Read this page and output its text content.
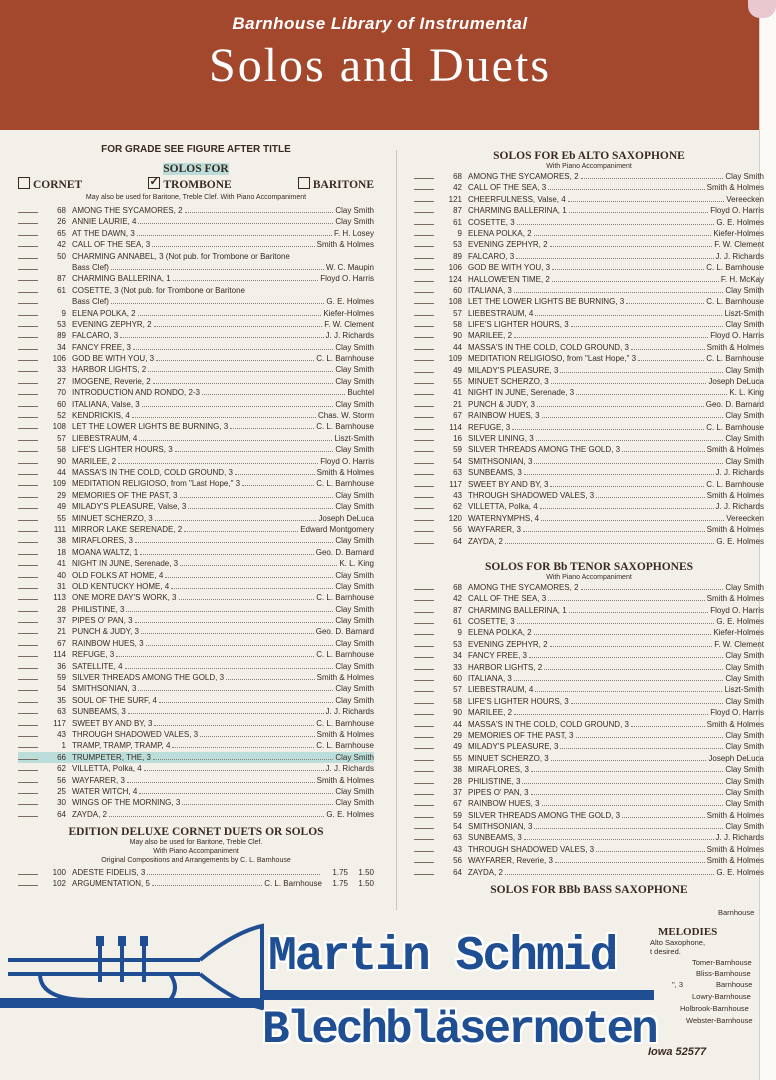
Barnhouse Library of Instrumental
Solos and Duets
FOR GRADE SEE FIGURE AFTER TITLE
SOLOS FOR
CORNET	✓ TROMBONE	BARITONE
May also be used for Baritone, Treble Clef. With Piano Accompaniment
68 AMONG THE SYCAMORES, 2	Clay Smith
26 ANNIE LAURIE, 4	Clay Smith
65 AT THE DAWN, 3	F. H. Losey
42 CALL OF THE SEA, 3	Smith & Holmes
50 CHARMING ANNABEL, 3 (Not pub. for Trombone or Baritone
Bass Clef)	W. C. Maupin
87 CHARMING BALLERINA, 1	Floyd O. Harris
61 COSETTE, 3 (Not pub. for Trombone or Baritone
Bass Clef)	G. E. Holmes
9 ELENA POLKA, 2	Kiefer-Holmes
53 EVENING ZEPHYR, 2	F. W. Clement
89 FALCARO, 3	J. J. Richards
34 FANCY FREE, 3	Clay Smith
106 GOD BE WITH YOU, 3	C. L. Barnhouse
33 HARBOR LIGHTS, 2	Clay Smith
27 IMOGENE, Reverie, 2	Clay Smith
70 INTRODUCTION AND RONDO, 2-3	Buchtel
60 ITALIANA, Valse, 3	Clay Smith
52 KENDRICKIS, 4	Chas. W. Storm
108 LET THE LOWER LIGHTS BE BURNING, 3	C. L. Barnhouse
57 LIEBESTRAUM, 4	Liszt-Smith
58 LIFE'S LIGHTER HOURS, 3	Clay Smith
90 MARILEE, 2	Floyd O. Harris
44 MASSA'S IN THE COLD, COLD GROUND, 3	Smith & Holmes
109 MEDITATION RELIGIOSO, from "Last Hope," 3	C. L. Barnhouse
29 MEMORIES OF THE PAST, 3	Clay Smith
49 MILADY'S PLEASURE, Valse, 3	Clay Smith
55 MINUET SCHERZO, 3	Joseph DeLuca
111 MIRROR LAKE SERENADE, 2	Edward Montgomery
38 MIRAFLORES, 3	Clay Smith
18 MOANA WALTZ, 1	Geo. D. Barnard
41 NIGHT IN JUNE, Serenade, 3	K. L. King
40 OLD FOLKS AT HOME, 4	Clay Smith
31 OLD KENTUCKY HOME, 4	Clay Smith
113 ONE MORE DAY'S WORK, 3	C. L. Barnhouse
28 PHILISTINE, 3	Clay Smith
37 PIPES O' PAN, 3	Clay Smith
21 PUNCH & JUDY, 3	Geo. D. Barnard
67 RAINBOW HUES, 3	Clay Smith
114 REFUGE, 3	C. L. Barnhouse
36 SATELLITE, 4	Clay Smith
59 SILVER THREADS AMONG THE GOLD, 3	Smith & Holmes
54 SMITHSONIAN, 3	Clay Smith
35 SOUL OF THE SURF, 4	Clay Smith
63 SUNBEAMS, 3	J. J. Richards
117 SWEET BY AND BY, 3	C. L. Barnhouse
43 THROUGH SHADOWED VALES, 3	Smith & Holmes
1 TRAMP, TRAMP, TRAMP, 4	C. L. Barnhouse
66 TRUMPETER, THE, 3	Clay Smith
62 VILLETTA, Polka, 4	J. J. Richards
56 WAYFARER, 3	Smith & Holmes
25 WATER WITCH, 4	Clay Smith
30 WINGS OF THE MORNING, 3	Clay Smith
64 ZAYDA, 2	G. E. Holmes
EDITION DELUXE CORNET DUETS OR SOLOS
May also be used for Baritone, Treble Clef.
With Piano Accompaniment
Original Compositions and Arrangements by C. L. Barnhouse
100 ADESTE FIDELIS, 3	1.75	1.50
102 ARGUMENTATION, 5	C. L. Barnhouse	1.75	1.50
SOLOS FOR Eb ALTO SAXOPHONE
With Piano Accompaniment
68 AMONG THE SYCAMORES, 2	Clay Smith
42 CALL OF THE SEA, 3	Smith & Holmes
121 CHEERFULNESS, Valse, 4	Vereecken
87 CHARMING BALLERINA, 1	Floyd O. Harris
61 COSETTE, 3	G. E. Holmes
9 ELENA POLKA, 2	Kiefer-Holmes
53 EVENING ZEPHYR, 2	F. W. Clement
89 FALCARO, 3	J. J. Richards
106 GOD BE WITH YOU, 3	C. L. Barnhouse
124 HALLOWE'EN TIME, 2	F. H. McKay
60 ITALIANA, 3	Clay Smith
108 LET THE LOWER LIGHTS BE BURNING, 3	C. L. Barnhouse
57 LIEBESTRAUM, 4	Liszt-Smith
58 LIFE'S LIGHTER HOURS, 3	Clay Smith
90 MARILEE, 2	Floyd O. Harris
44 MASSA'S IN THE COLD, COLD GROUND, 3	Smith & Holmes
109 MEDITATION RELIGIOSO, from "Last Hope," 3	C. L. Barnhouse
49 MILADY'S PLEASURE, 3	Clay Smith
55 MINUET SCHERZO, 3	Joseph DeLuca
41 NIGHT IN JUNE, Serenade, 3	K. L. King
21 PUNCH & JUDY, 3	Geo. D. Barnard
67 RAINBOW HUES, 3	Clay Smith
114 REFUGE, 3	C. L. Barnhouse
16 SILVER LINING, 3	Clay Smith
59 SILVER THREADS AMONG THE GOLD, 3	Smith & Holmes
54 SMITHSONIAN, 3	Clay Smith
63 SUNBEAMS, 3	J. J. Richards
117 SWEET BY AND BY, 3	C. L. Barnhouse
43 THROUGH SHADOWED VALES, 3	Smith & Holmes
62 VILLETTA, Polka, 4	J. J. Richards
120 WATERNYMPHS, 4	Vereecken
56 WAYFARER, 3	Smith & Holmes
64 ZAYDA, 2	G. E. Holmes
SOLOS FOR Bb TENOR SAXOPHONES
With Piano Accompaniment
68 AMONG THE SYCAMORES, 2	Clay Smith
42 CALL OF THE SEA, 3	Smith & Holmes
87 CHARMING BALLERINA, 1	Floyd O. Harris
61 COSETTE, 3	G. E. Holmes
9 ELENA POLKA, 2	Kiefer-Holmes
53 EVENING ZEPHYR, 2	F. W. Clement
34 FANCY FREE, 3	Clay Smith
33 HARBOR LIGHTS, 2	Clay Smith
60 ITALIANA, 3	Clay Smith
57 LIEBESTRAUM, 4	Liszt-Smith
58 LIFE'S LIGHTER HOURS, 3	Clay Smith
90 MARILEE, 2	Floyd O. Harris
44 MASSA'S IN THE COLD, COLD GROUND, 3	Smith & Holmes
29 MEMORIES OF THE PAST, 3	Clay Smith
49 MILADY'S PLEASURE, 3	Clay Smith
55 MINUET SCHERZO, 3	Joseph DeLuca
38 MIRAFLORES, 3	Clay Smith
28 PHILISTINE, 3	Clay Smith
37 PIPES O' PAN, 3	Clay Smith
67 RAINBOW HUES, 3	Clay Smith
59 SILVER THREADS AMONG THE GOLD, 3	Smith & Holmes
54 SMITHSONIAN, 3	Clay Smith
63 SUNBEAMS, 3	J. J. Richards
43 THROUGH SHADOWED VALES, 3	Smith & Holmes
56 WAYFARER, Reverie, 3	Smith & Holmes
64 ZAYDA, 2	G. E. Holmes
SOLOS FOR BBb BASS SAXOPHONE
Barnhouse
MELODIES
Alto Saxophone,
t desired.
Tomer-Barnhouse
Bliss-Barnhouse
", 3	Barnhouse
Lowry-Barnhouse
Holbrook-Barnhouse
Webster-Barnhouse
Iowa 52577
Martin Schmid
Blechbläsernoten
